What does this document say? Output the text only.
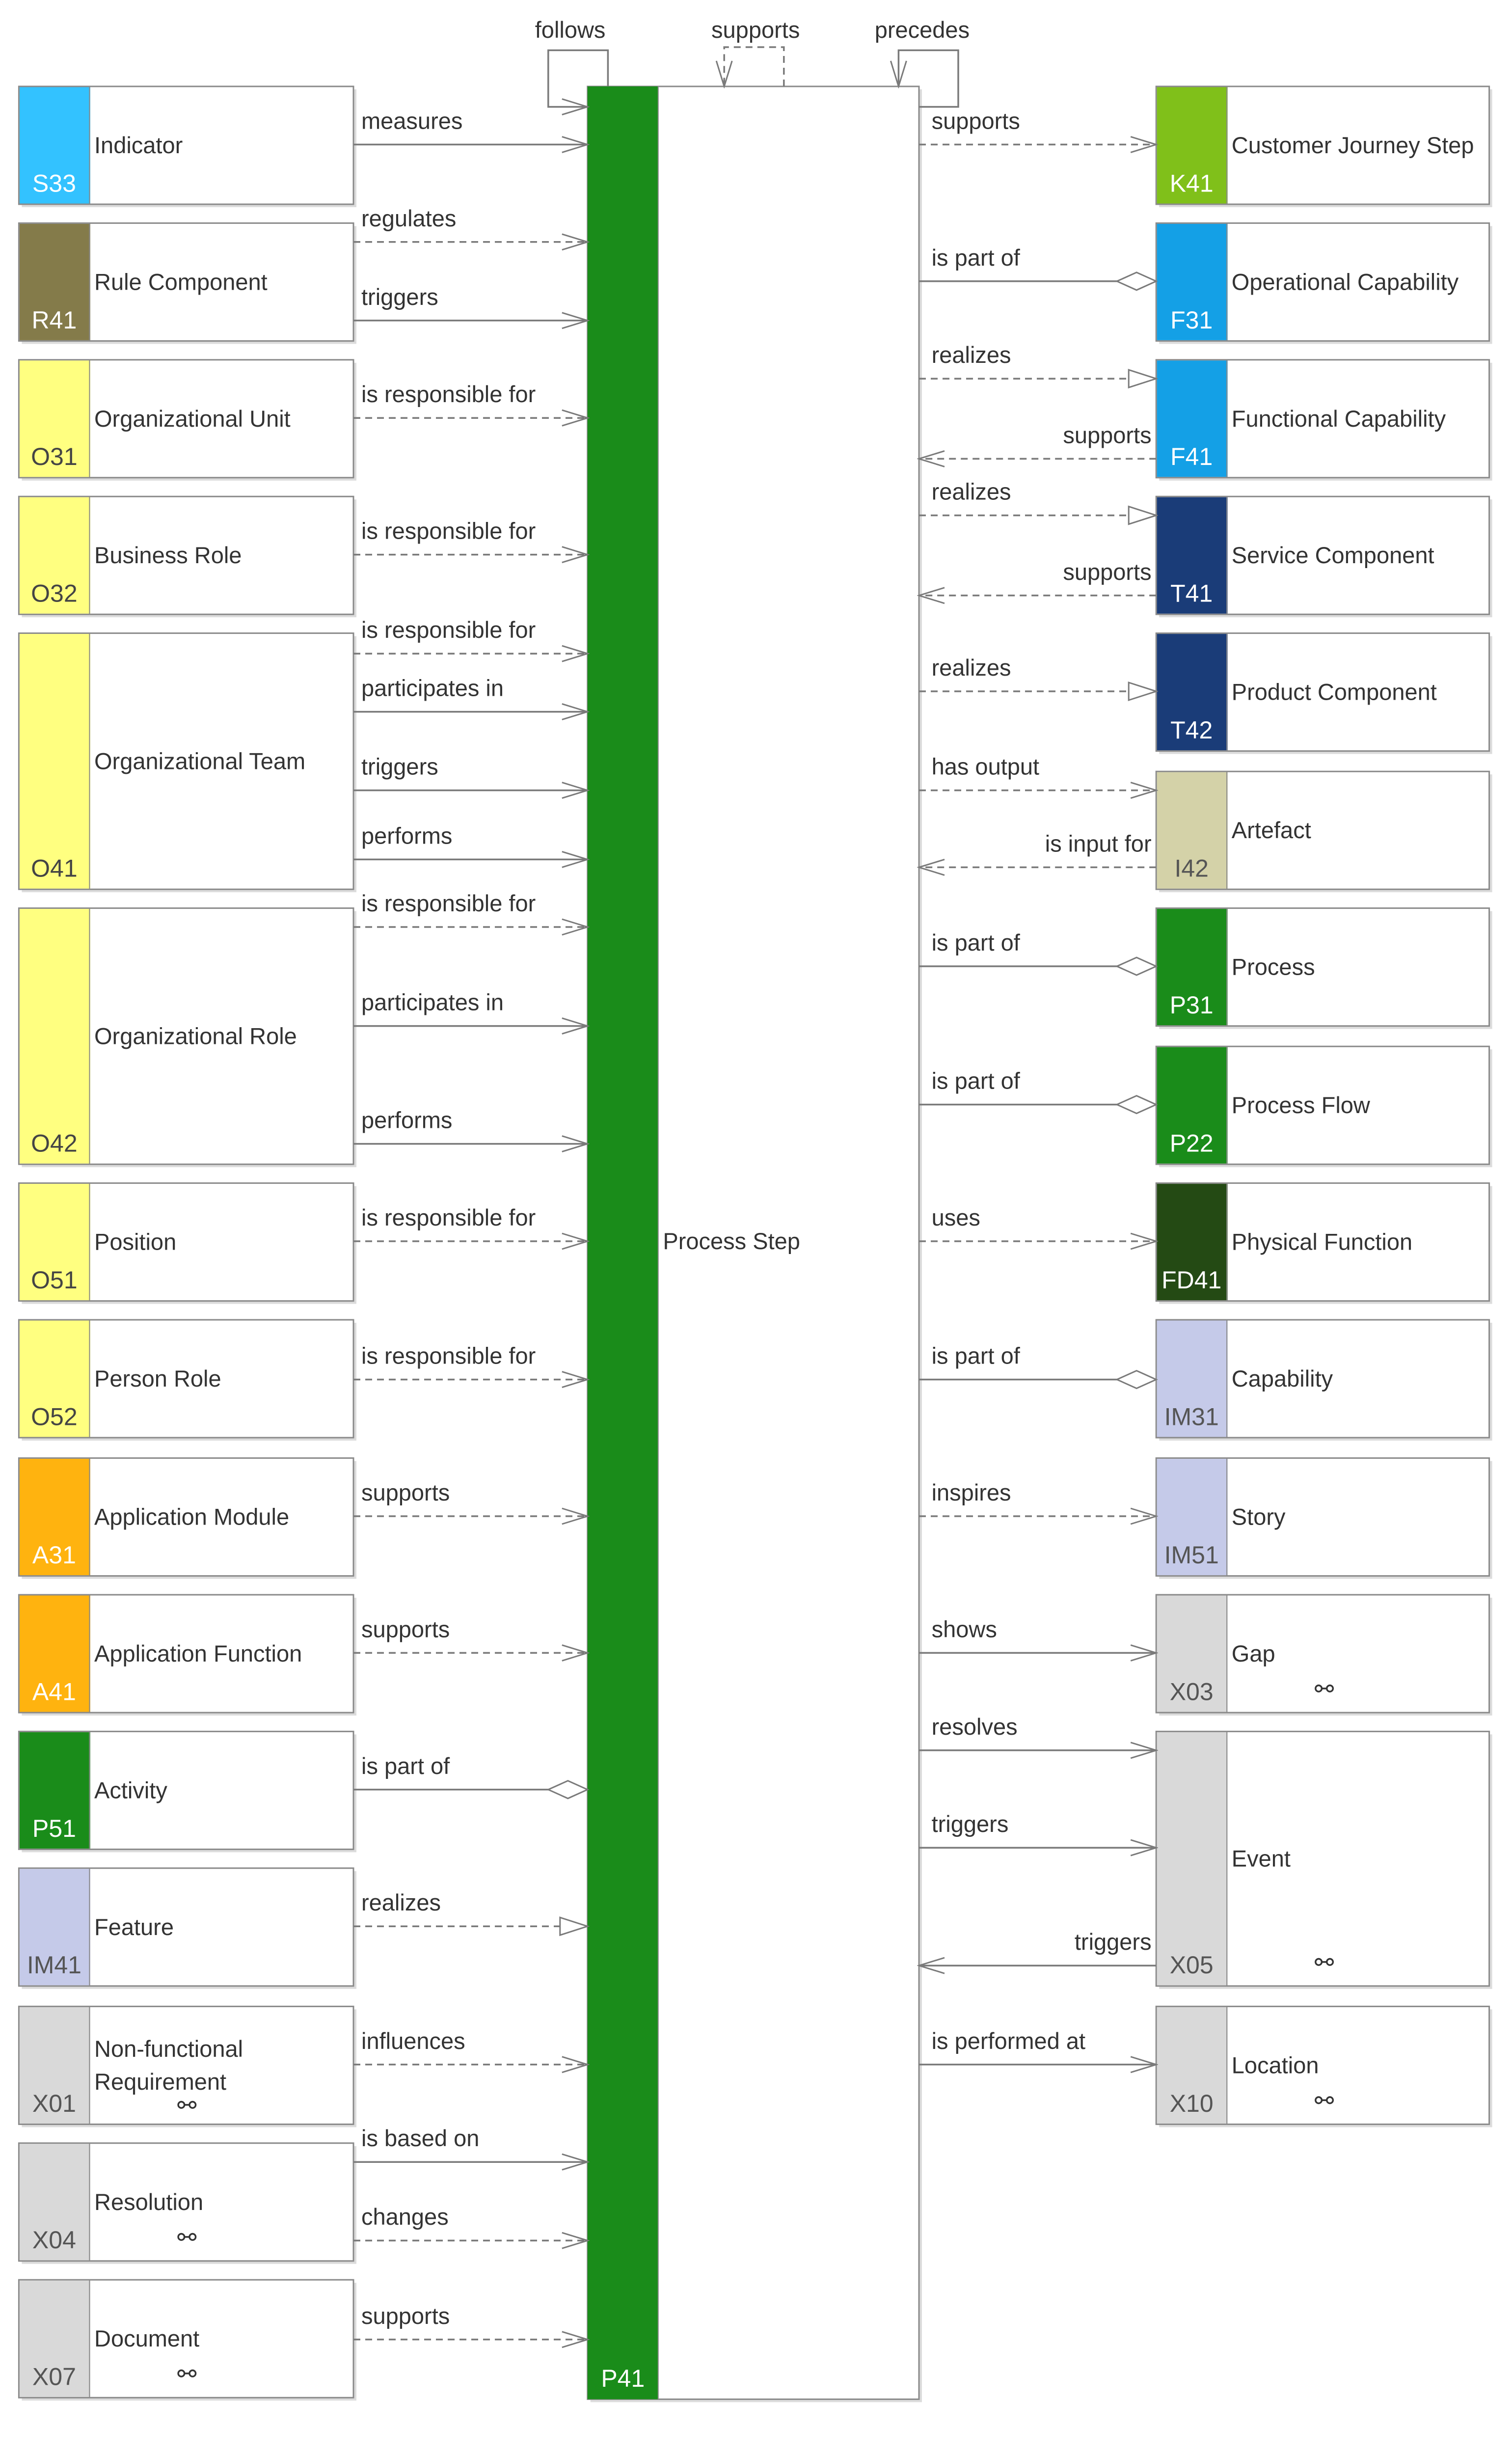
Process Step
P41
follows	supports	precedes
Indicator
S33
measures
Rule Component
R41
regulates
triggers
Organizational Unit
O31
is responsible for
Business Role
O32
is responsible for
Organizational Team
O41
is responsible for
participates in
triggers
performs
Organizational Role
O42
is responsible for
participates in
performs
Position
O51
is responsible for
Person Role
O52
is responsible for
Application Module
A31
supports
Application Function
A41
supports
Activity
P51
is part of
Feature
IM41
realizes
Non-functional
Requirement
X01	⚯
influences
Resolution
X04	⚯
is based on
changes
Document
X07	⚯
supports
Customer Journey Step
K41
supports
Operational Capability
F31
is part of
Functional Capability
F41
realizes
supports
Service Component
T41
realizes
supports
Product Component
T42
realizes
Artefact
I42
has output
is input for
Process
P31
is part of
Process Flow
P22
is part of
Physical Function
FD41
uses
Capability
IM31
is part of
Story
IM51
inspires
Gap
X03	⚯
shows
Event
X05	⚯
resolves
triggers
triggers
Location
X10	⚯
is performed at
